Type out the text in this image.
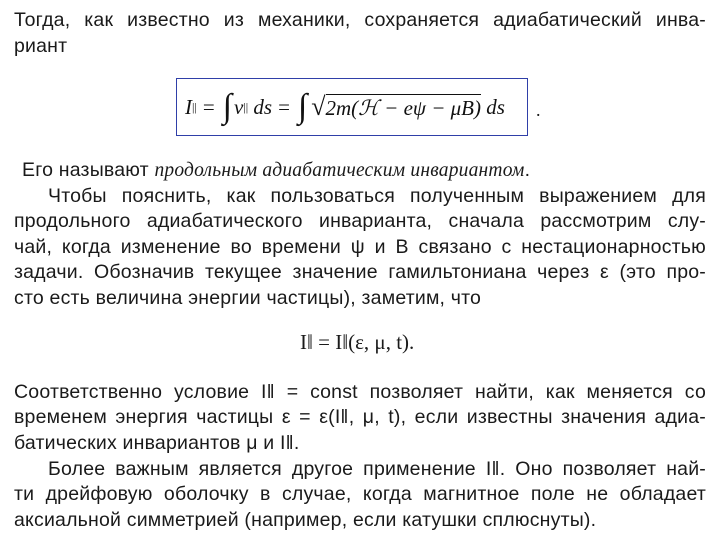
Тогда, как известно из механики, сохраняется адиабатический инва-
риант
I || = ∫ v ||
ds = ∫ √ 2m(ℋ − eψ − μB)
ds .
Его называют продольным адиабатическим инвариантом.
Чтобы пояснить, как пользоваться полученным выражением для
продольного адиабатического инварианта, сначала рассмотрим слу-
чай, когда изменение во времени ψ и B связано с нестационарностью
задачи. Обозначив текущее значение гамильтониана через ε (это про-
сто есть величина энергии частицы), заметим, что
I‖ = I‖(ε, μ, t).
Соответственно условие I‖ = const позволяет найти, как меняется со
временем энергия частицы ε = ε(I‖, μ, t), если известны значения адиа-
батических инвариантов μ и I‖.
Более важным является другое применение I‖. Оно позволяет най-
ти дрейфовую оболочку в случае, когда магнитное поле не обладает
аксиальной симметрией (например, если катушки сплюснуты).
